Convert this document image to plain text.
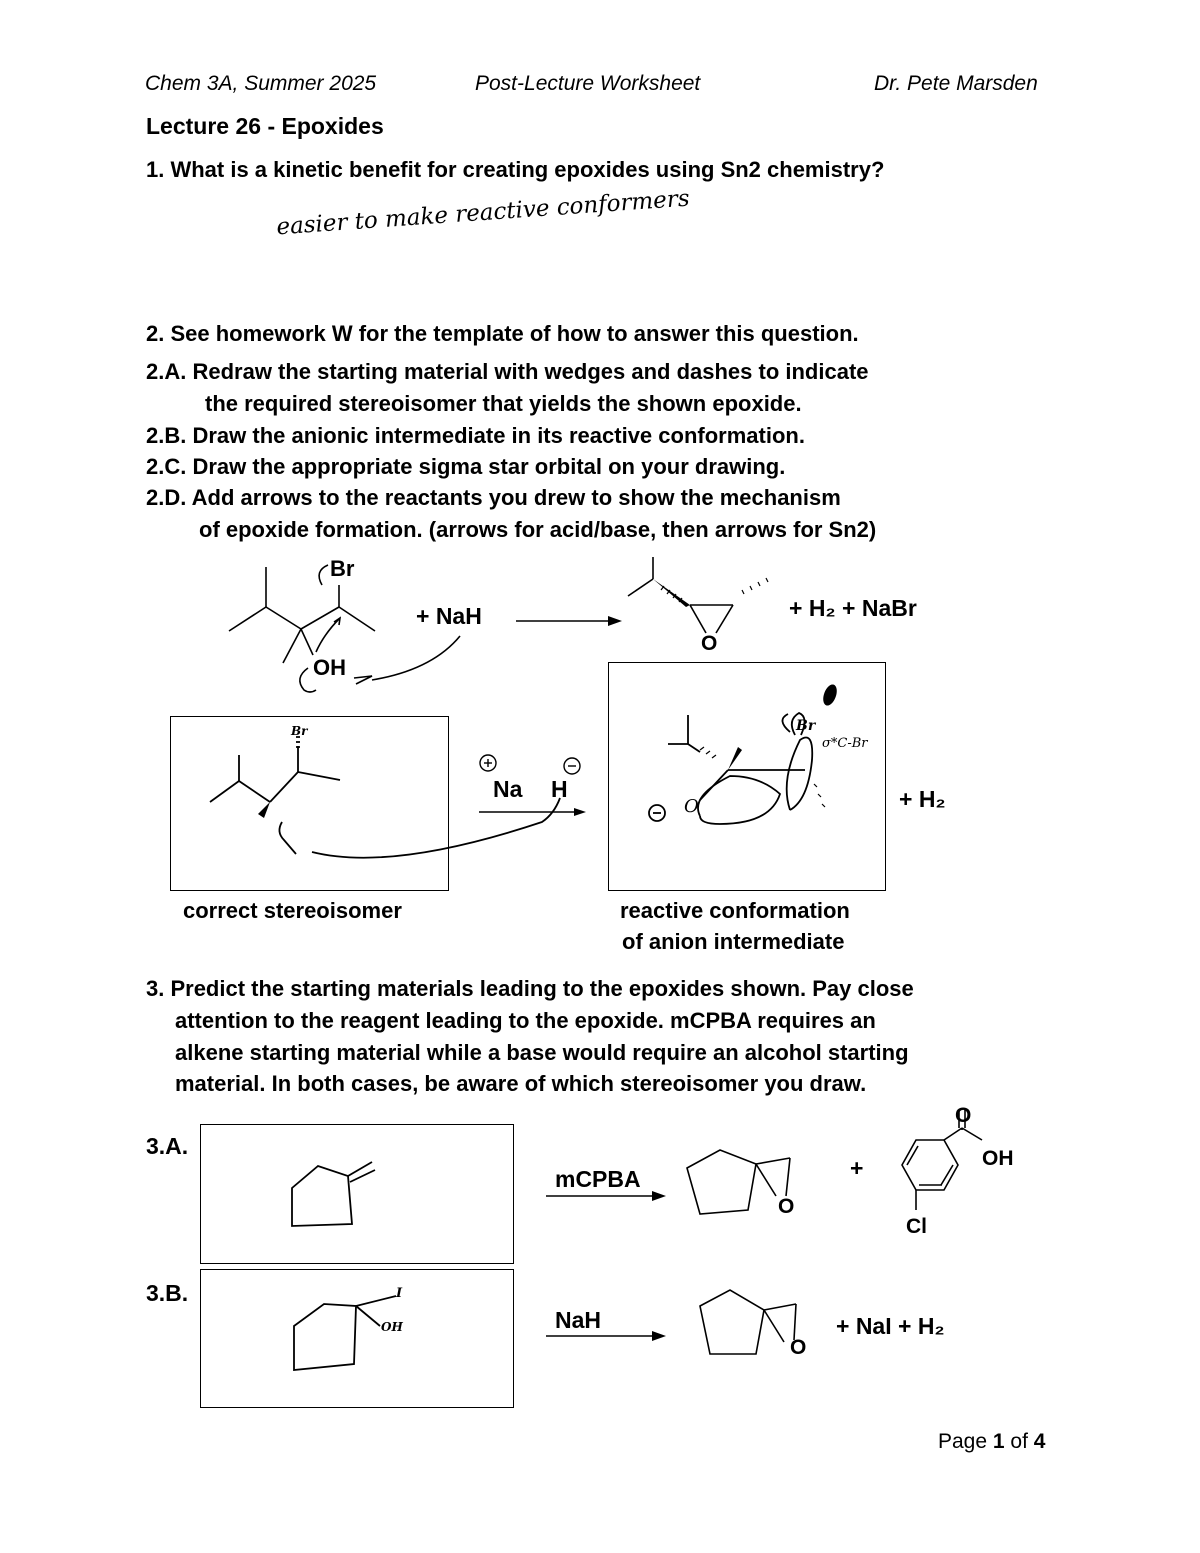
Chem 3A, Summer 2025	Post-Lecture Worksheet	Dr. Pete Marsden
Lecture 26 - Epoxides
1. What is a kinetic benefit for creating epoxides using Sn2 chemistry?
easier to make reactive conformers
2. See homework W for the template of how to answer this question.
2.A. Redraw the starting material with wedges and dashes to indicate
the required stereoisomer that yields the shown epoxide.
2.B. Draw the anionic intermediate in its reactive conformation.
2.C. Draw the appropriate sigma star orbital on your drawing.
2.D. Add arrows to the reactants you drew to show the mechanism
of epoxide formation. (arrows for acid/base, then arrows for Sn2)
Br
OH
+ NaH
O
+ H₂ + NaBr
Br	Br
O
σ*C-Br
Na H	+ H₂
correct stereoisomer	reactive conformation
of anion intermediate
3. Predict the starting materials leading to the epoxides shown. Pay close
attention to the reagent leading to the epoxide. mCPBA requires an
alkene starting material while a base would require an alcohol starting
material. In both cases, be aware of which stereoisomer you draw.
3.A.
3.B.
mCPBA
O
+
O
OH
Cl
NaH
O
+ NaI + H₂
I
OH
Page 1 of 4
